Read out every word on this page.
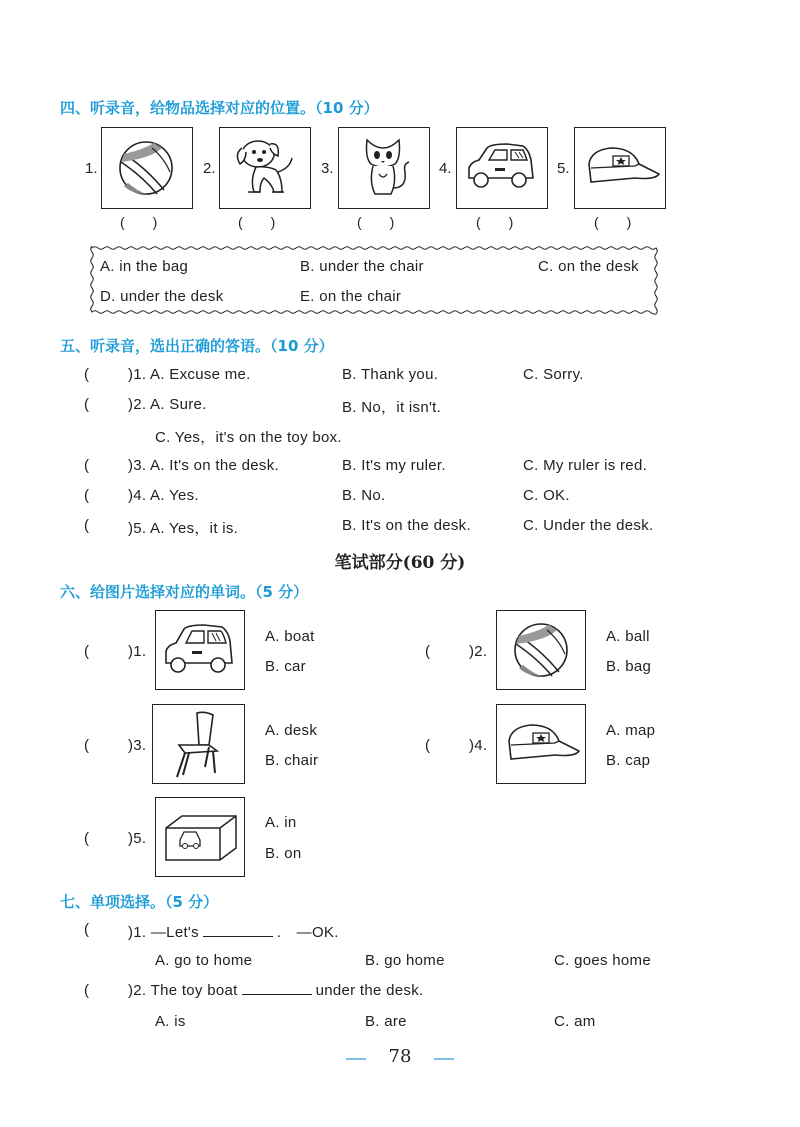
四、听录音，给物品选择对应的位置。（10 分）
1.
(　　)
2.
(　　)
3.
(　　)
4.
(　　)
5.
(　　)
A. in the bag	B. under the chair	C. on the desk
D. under the desk	E. on the chair
五、听录音，选出正确的答语。（10 分）
(	)1. A. Excuse me.	B. Thank you.	C. Sorry.
(	)2. A. Sure.	B. No，it isn't.
C. Yes，it's on the toy box.
(	)3. A. It's on the desk.	B. It's my ruler.	C. My ruler is red.
(	)4. A. Yes.	B. No.	C. OK.
(	)5. A. Yes，it is.	B. It's on the desk.	C. Under the desk.
笔试部分(60 分)
六、给图片选择对应的单词。（5 分）
(	)1.
A. boat
B. car
(	)2.
A. ball
B. bag
(	)3.
A. desk
B. chair
(	)4.
A. map
B. cap
(	)5.
A. in
B. on
七、单项选择。（5 分）
(	)1. —Let's	.　—OK.
A. go to home	B. go home	C. goes home
(	)2. The toy boat	under the desk.
A. is	B. are	C. am
78
